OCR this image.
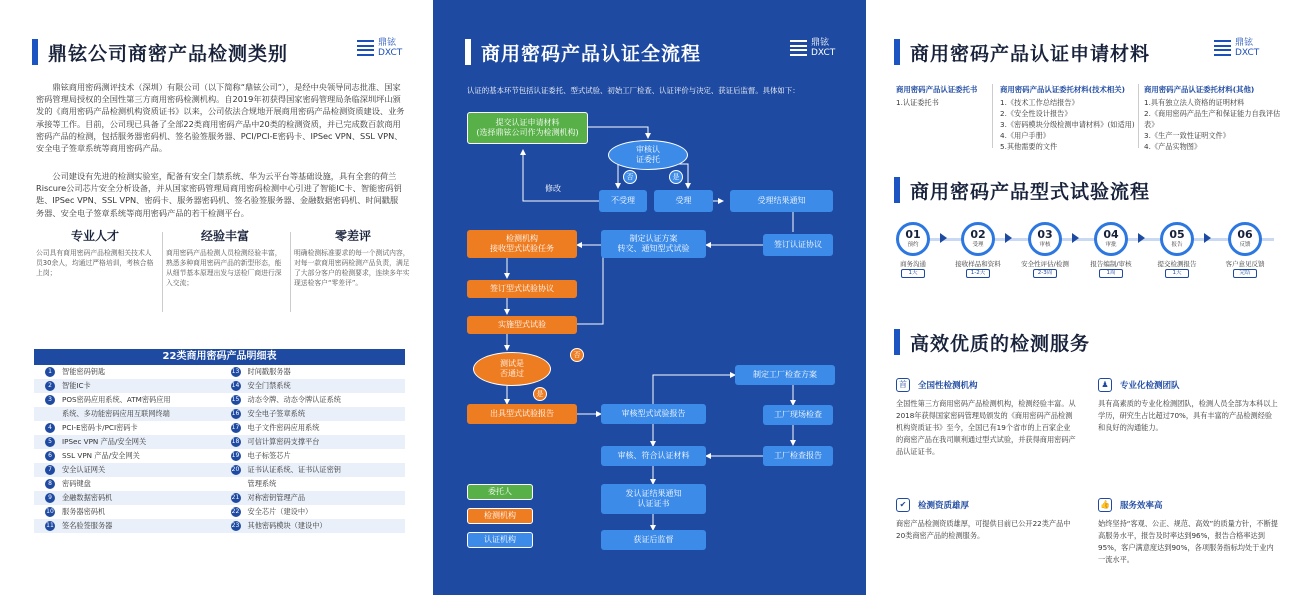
鼎铉公司商密产品检测类别	鼎铉
DXCT
鼎铉商用密码测评技术（深圳）有限公司（以下简称“鼎铉公司”），是经中央领导同志批准、国家密码管理局授权的全国性第三方商用密码检测机构。自2019年初获得国家密码管理局条临深圳坪山颁发的《商用密码产品检测机构资质证书》以来，公司依法合规地开展商用密码产品检测资质建设、业务承接等工作。目前，公司现已具备了全部22类商用密码产品中20类的检测资质，并已完成数百款商用密码产品的检测，包括服务器密码机、签名验签服务器、PCI/PCI-E密码卡、IPSec VPN、SSL VPN、安全电子签章系统等商用密码产品。
公司建设有先进的检测实验室，配备有安全门禁系统、华为云平台等基础设施，具有全套的荷兰Riscure公司芯片安全分析设备，并从国家密码管理局商用密码检测中心引进了智能IC卡、智能密码钥匙、IPSec VPN、SSL VPN、密码卡、服务器密码机、签名验签服务器、金融数据密码机、时间戳服务器、安全电子签章系统等商用密码产品的若干检测平台。
专业人才
公司具有商用密码产品检测相关技术人员30余人，均通过严格培训，考核合格上岗；
经验丰富
商用密码产品检测人员检测经验丰富，熟悉多种商用密码产品的新型形态，能从细节基本原理出发与送检厂商进行深入交流；
零差评
明确检测标准要求的每一个测试内容，对每一款商用密码检测产品负责，满足了大部分客户的检测要求，连续多年实现送检客户“零差评”。
22类商用密码产品明细表
1	智能密码钥匙	13 时间戳服务器
2	智能IC卡	14 安全门禁系统
3	POS密码应用系统、ATM密码应用	15 动态令牌、动态令牌认证系统
系统、多功能密码应用互联网终端	16 安全电子签章系统
4	PCI-E密码卡/PCI密码卡	17 电子文件密码应用系统
5	IPSec VPN 产品/安全网关	18 可信计算密码支撑平台
6	SSL VPN 产品/安全网关	19 电子标签芯片
7	安全认证网关	20 证书认证系统、证书认证密钥
8	密码键盘	管理系统
9	金融数据密码机	21 对称密钥管理产品
10 服务器密码机	22 安全芯片（建设中）
11 签名验签服务器	23 其他密码模块（建设中）
商用密码产品认证全流程	鼎铉
DXCT
认证的基本环节包括认证委托、型式试验、初始工厂检查、认证评价与决定、获证后监督。具体如下：
提交认证申请材料
(选择鼎铉公司作为检测机构)
审核认
证委托
否	是
修改
不受理	受理	受理结果通知
签订认证协议
制定认证方案
转交、通知型式试验
检测机构
接收型式试验任务
签订型式试验协议
实施型式试验
测试是
否通过
否
是
出具型式试验报告	审核型式试验报告
制定工厂检查方案
工厂现场检查
工厂检查报告
审核、符合认证材料
发认证结果通知
认证证书
获证后监督
委托人
检测机构
认证机构
商用密码产品认证申请材料	鼎铉
DXCT
商用密码产品认证委托书
1.认证委托书
商用密码产品认证委托材料(技术相关)
1.《技术工作总结报告》
2.《安全性设计报告》
3.《密码模块分级检测申请材料》(如适用)
4.《用户手册》
5.其他需要的文件
商用密码产品认证委托材料(其他)
1.具有独立法人资格的证明材料
2.《商用密码产品生产和保证能力自我评估表》
3.《生产一致性证明文件》
4.《产品实物图》
商用密码产品型式试验流程
高效优质的检测服务
首	全国性检测机构
全国性第三方商用密码产品检测机构，检测经验丰富。从2018年获得国家密码管理局颁发的《商用密码产品检测机构资质证书》至今，全国已有19个省市的上百家企业的商密产品在我司顺利通过型式试验，并获得商用密码产品认证证书。
♟	专业化检测团队
具有高素质的专业化检测团队，检测人员全部为本科以上学历，研究生占比超过70%，具有丰富的产品检测经验和良好的沟通能力。
✔	检测资质雄厚
商密产品检测资质雄厚，可提供目前已公开22类产品中20类商密产品的检测服务。
👍 服务效率高
始终坚持“客观、公正、规范、高效”的质量方针，不断提高服务水平，报告及时率达到96%，报告合格率达到95%，客户满意度达到90%，各项服务指标均处于业内一流水平。
01
预约
商务沟通
1天
02
受理
接收样品和资料
1-2天
03
审核
安全性评估/检测
2-3周
04
审批
报告编制/审核
1周
05
报告
提交检测报告
1天
06
反馈
客户意见反馈
完结
